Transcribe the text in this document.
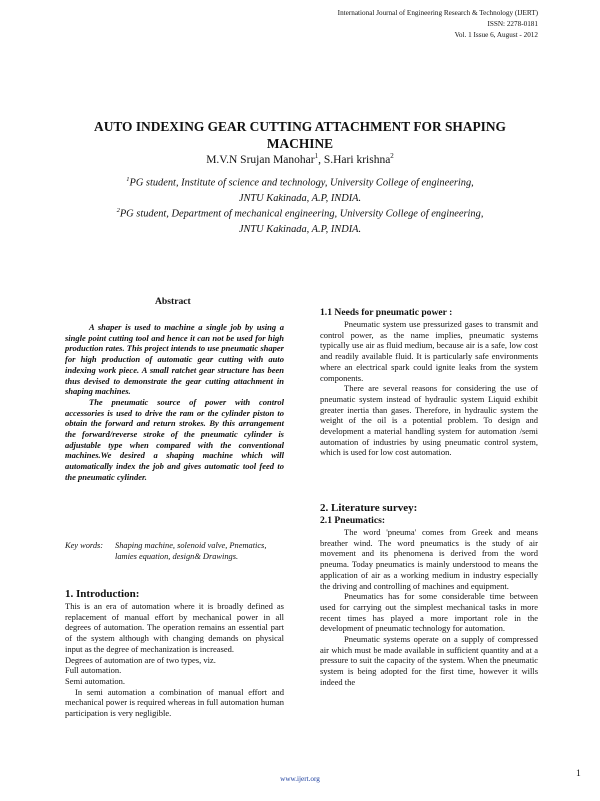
International Journal of Engineering Research & Technology (IJERT)
ISSN: 2278-0181
Vol. 1 Issue 6, August - 2012
AUTO INDEXING GEAR CUTTING ATTACHMENT FOR SHAPING
MACHINE
M.V.N Srujan Manohar$^1$, S.Hari krishna$^2$
$^1$PG student, Institute of science and technology, University College of engineering,
JNTU Kakinada, A.P, INDIA.
$^2$PG student, Department of mechanical engineering, University College of engineering,
JNTU Kakinada, A.P, INDIA.
Abstract

A shaper is used to machine a single job by using a single point cutting tool and hence it can not be used for high production rates. This project intends to use pneumatic shaper for high production of automatic gear cutting with auto indexing work piece. A small ratchet gear structure has been thus devised to demonstrate the gear cutting attachment in shaping machines.

The pneumatic source of power with control accessories is used to drive the ram or the cylinder piston to obtain the forward and return strokes. By this arrangement the forward/reverse stroke of the pneumatic cylinder is adjustable type when compared with the conventional machines.We desired a shaping machine which will automatically index the job and gives automatic tool feed to the pneumatic cylinder.

Key words: Shaping machine, solenoid valve, Pnematics, lamies equation, design& Drawings.
1. Introduction:

This is an era of automation where it is broadly defined as replacement of manual effort by mechanical power in all degrees of automation. The operation remains an essential part of the system although with changing demands on physical input as the degree of mechanization is increased.

Degrees of automation are of two types, viz.

Full automation.

Semi automation.

In semi automation a combination of manual effort and mechanical power is required whereas in full automation human participation is very negligible.

1.1 Needs for pneumatic power :

Pneumatic system use pressurized gases to transmit and control power, as the name implies, pneumatic systems typically use air as fluid medium, because air is a safe, low cost and readily available fluid. It is particularly safe environments where an electrical spark could ignite leaks from the system components.

There are several reasons for considering the use of pneumatic system instead of hydraulic system Liquid exhibit greater inertia than gases. Therefore, in hydraulic system the weight of the oil is a potential problem. To design and development a material handling system for automation /semi automation of industries by using pneumatic control system, which is used for low cost automation.

2. Literature survey:
2.1 Pneumatics:

The word 'pneuma' comes from Greek and means breather wind. The word pneumatics is the study of air movement and its phenomena is derived from the word pneuma. Today pneumatics is mainly understood to means the application of air as a working medium in industry especially the driving and controlling of machines and equipment.

Pneumatics has for some considerable time between used for carrying out the simplest mechanical tasks in more recent times has played a more important role in the development of pneumatic technology for automation.

Pneumatic systems operate on a supply of compressed air which must be made available in sufficient quantity and at a pressure to suit the capacity of the system. When the pneumatic system is being adopted for the first time, however it wills indeed the

www.ijert.org	1
